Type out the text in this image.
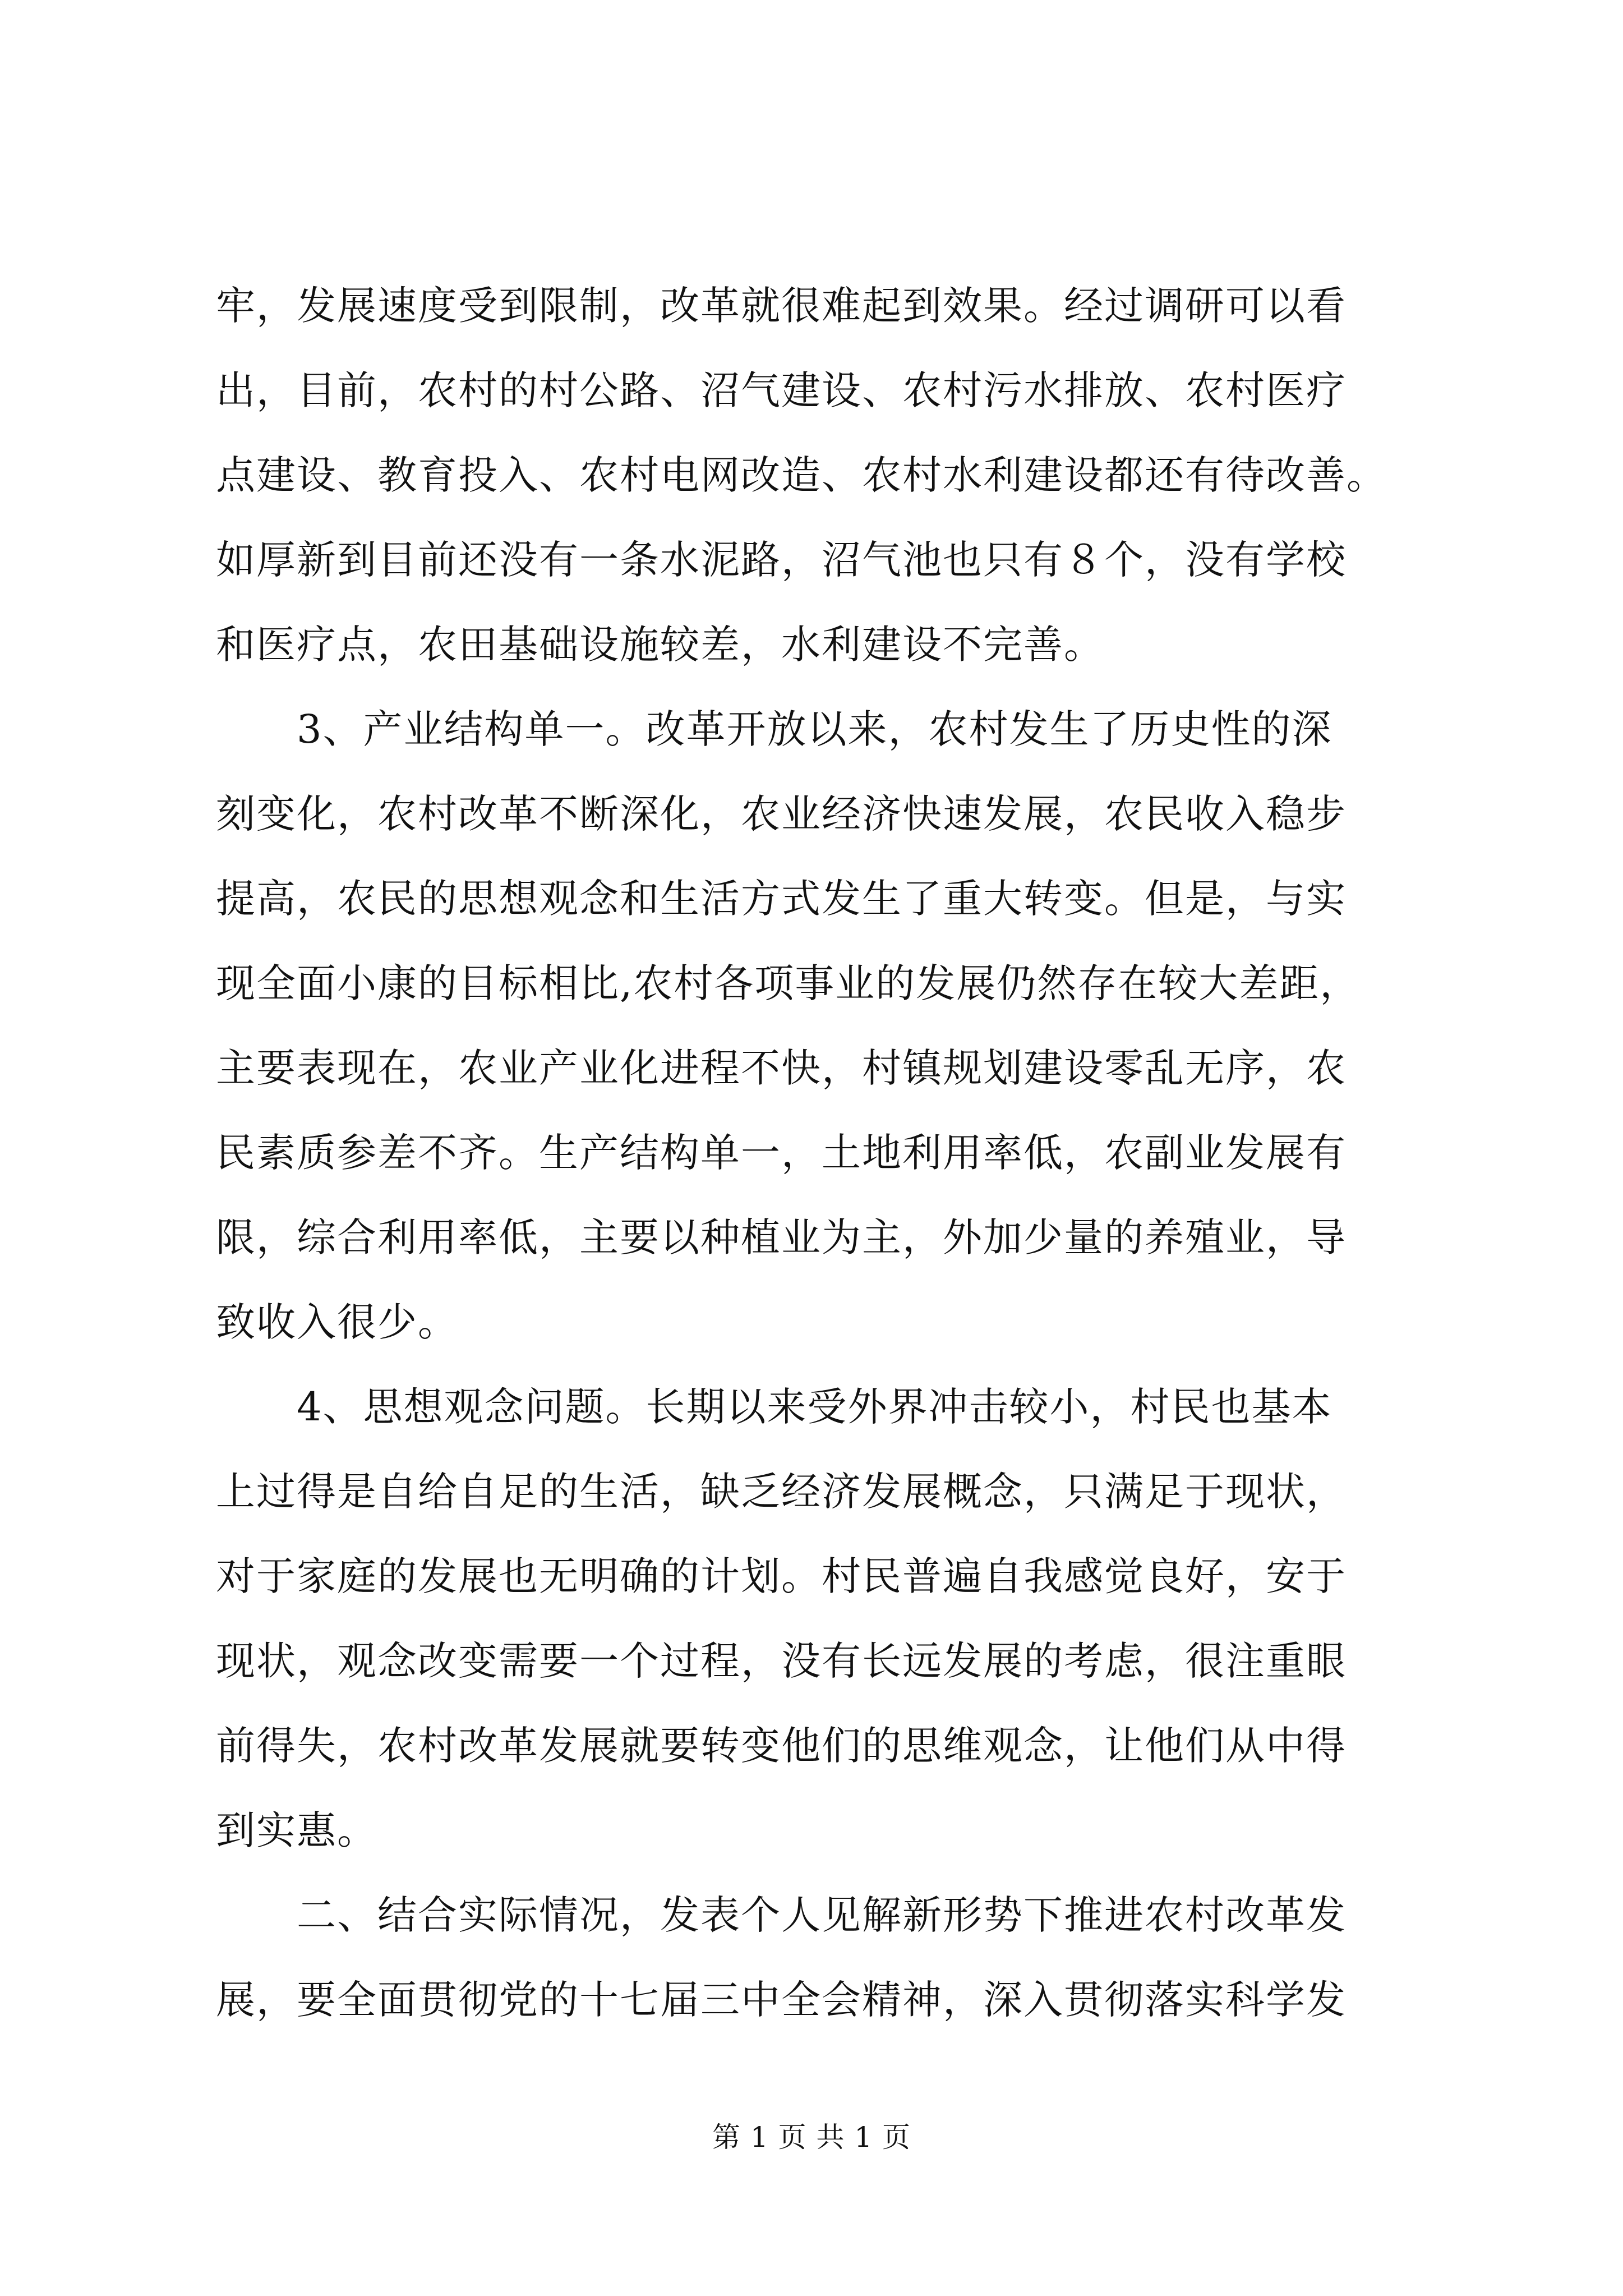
牢，发展速度受到限制，改革就很难起到效果。经过调研可以看
出，目前，农村的村公路、沼气建设、农村污水排放、农村医疗
点建设、教育投入、农村电网改造、农村水利建设都还有待改善。
如厚新到目前还没有一条水泥路，沼气池也只有８个，没有学校
和医疗点，农田基础设施较差，水利建设不完善。
　　3、产业结构单一。改革开放以来，农村发生了历史性的深
刻变化，农村改革不断深化，农业经济快速发展，农民收入稳步
提高，农民的思想观念和生活方式发生了重大转变。但是，与实
现全面小康的目标相比,农村各项事业的发展仍然存在较大差距，
主要表现在，农业产业化进程不快，村镇规划建设零乱无序，农
民素质参差不齐。生产结构单一，土地利用率低，农副业发展有
限，综合利用率低，主要以种植业为主，外加少量的养殖业，导
致收入很少。
　　4、思想观念问题。长期以来受外界冲击较小，村民也基本
上过得是自给自足的生活，缺乏经济发展概念，只满足于现状，
对于家庭的发展也无明确的计划。村民普遍自我感觉良好，安于
现状，观念改变需要一个过程，没有长远发展的考虑，很注重眼
前得失，农村改革发展就要转变他们的思维观念，让他们从中得
到实惠。
　　二、结合实际情况，发表个人见解新形势下推进农村改革发
展，要全面贯彻党的十七届三中全会精神，深入贯彻落实科学发
第 1 页 共 1 页
